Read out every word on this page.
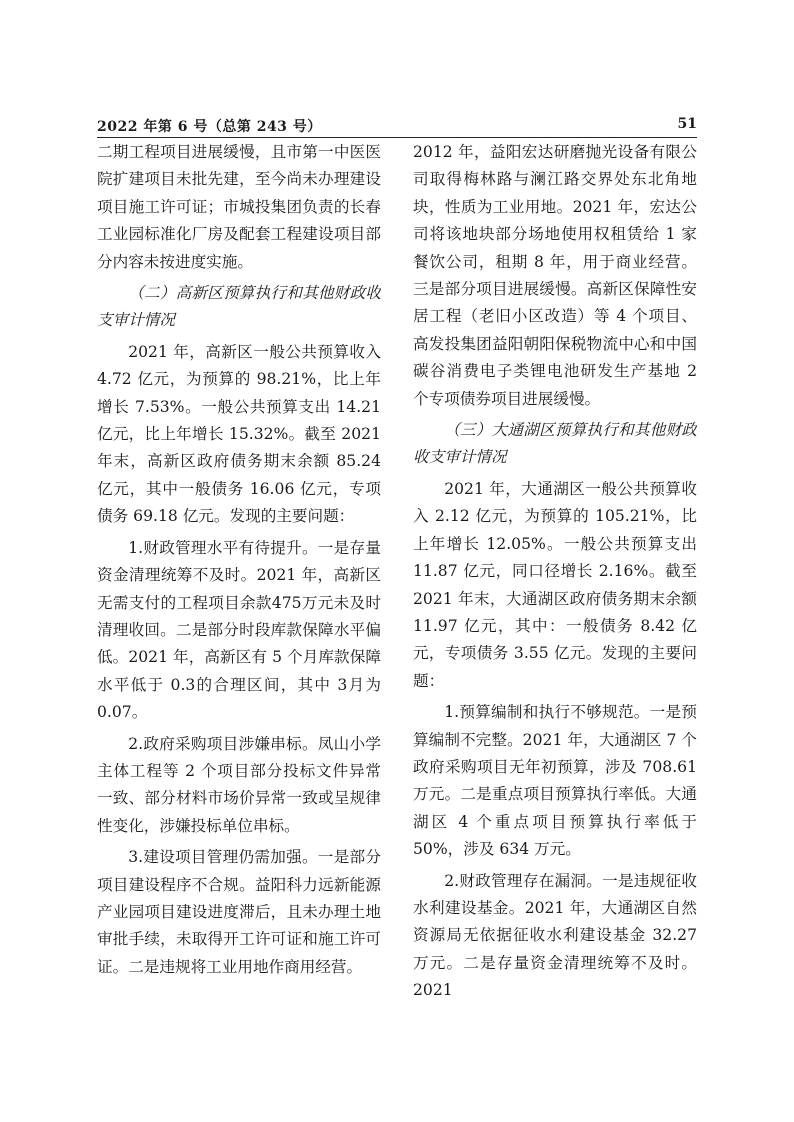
2022 年第 6 号（总第 243 号）	51

二期工程项目进展缓慢，且市第一中医医院扩建项目未批先建，至今尚未办理建设项目施工许可证；市城投集团负责的长春工业园标准化厂房及配套工程建设项目部分内容未按进度实施。

（二）高新区预算执行和其他财政收支审计情况

2021 年，高新区一般公共预算收入 4.72 亿元，为预算的 98.21%，比上年增长 7.53%。一般公共预算支出 14.21 亿元，比上年增长 15.32%。截至 2021 年末，高新区政府债务期末余额 85.24 亿元，其中一般债务 16.06 亿元，专项债务 69.18 亿元。发现的主要问题：

1.财政管理水平有待提升。一是存量资金清理统筹不及时。2021 年，高新区无需支付的工程项目余款475万元未及时清理收回。二是部分时段库款保障水平偏低。2021 年，高新区有 5 个月库款保障水平低于 0.3的合理区间，其中 3月为0.07。

2.政府采购项目涉嫌串标。凤山小学主体工程等 2 个项目部分投标文件异常一致、部分材料市场价异常一致或呈规律性变化，涉嫌投标单位串标。

3.建设项目管理仍需加强。一是部分项目建设程序不合规。益阳科力远新能源产业园项目建设进度滞后，且未办理土地审批手续，未取得开工许可证和施工许可证。二是违规将工业用地作商用经营。

2012 年，益阳宏达研磨抛光设备有限公司取得梅林路与澜江路交界处东北角地块，性质为工业用地。2021 年，宏达公司将该地块部分场地使用权租赁给 1 家餐饮公司，租期 8 年，用于商业经营。三是部分项目进展缓慢。高新区保障性安居工程（老旧小区改造）等 4 个项目、高发投集团益阳朝阳保税物流中心和中国碳谷消费电子类锂电池研发生产基地 2 个专项债券项目进展缓慢。

（三）大通湖区预算执行和其他财政收支审计情况

2021 年，大通湖区一般公共预算收入 2.12 亿元，为预算的 105.21%，比上年增长 12.05%。一般公共预算支出 11.87 亿元，同口径增长 2.16%。截至 2021 年末，大通湖区政府债务期末余额 11.97 亿元，其中：一般债务 8.42 亿元，专项债务 3.55 亿元。发现的主要问题：

1.预算编制和执行不够规范。一是预算编制不完整。2021 年，大通湖区 7 个政府采购项目无年初预算，涉及 708.61 万元。二是重点项目预算执行率低。大通湖区 4 个重点项目预算执行率低于 50%，涉及 634 万元。

2.财政管理存在漏洞。一是违规征收水利建设基金。2021 年，大通湖区自然资源局无依据征收水利建设基金 32.27 万元。二是存量资金清理统筹不及时。2021
